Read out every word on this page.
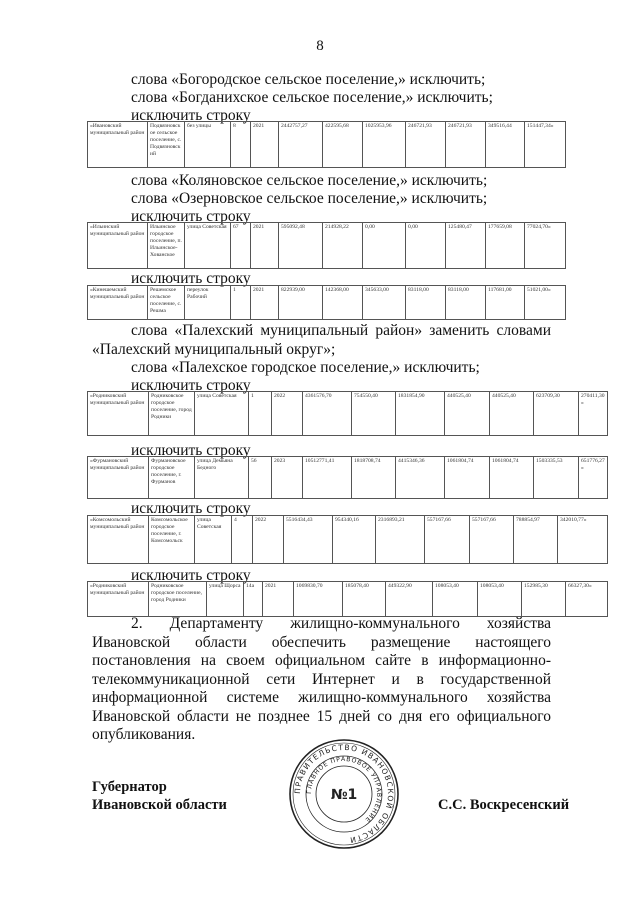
8
слова «Богородское сельское поселение,» исключить;
слова «Богданихское сельское поселение,» исключить;
исключить строку
«Ивановский муниципальный район	Подвязновское сельское поселение, с. Подвязновский	без улицы	8	2021	2442757,27	422595,68	1025953,96	246721,93	246721,93	349516,44	151447,34»
слова «Коляновское сельское поселение,» исключить;
слова «Озерновское сельское поселение,» исключить;
исключить строку
«Ильинский муниципальный район	Ильинское городское поселение, п. Ильинское-Хованское	улица Советская	67	2021	595092,48	214928,22	0,00	0,00	125480,47	177659,08	77024,70»
исключить строку
«Кинешемский муниципальный район	Решемское сельское поселение, с. Решма	переулок Рабочий	1	2021	822939,00	142368,00	345633,00	83118,00	83118,00	117681,00	51021,00»
слова «Палехский муниципальный район» заменить словами «Палехский муниципальный округ»;
слова «Палехское городское поселение,» исключить;
исключить строку
«Родниковский муниципальный район	Родниковское городское поселение, город Родники	улица Советская	1	2022	4361576,70	754550,40	1831854,90	440525,40	440525,40	623709,30	270411,30»
исключить строку
«Фурмановский муниципальный район	Фурмановское городское поселение, г. Фурманов	улица Демьяна Бедного	56	2023	10512771,41	1818708,74	4415346,36	1061804,74	1061804,74	1503335,53	651776,27»
исключить строку
«Комсомольский муниципальный район	Комсомольское городское поселение, г. Комсомольск	улица Советская	4	2022	5516434,43	954340,16	2316893,21	557167,66	557167,66	788854,97	342010,77»
исключить строку
«Родниковский муниципальный район	Родниковское городское поселение, город Родники	улица Щорса	14а	2021	1069830,70	185078,40	449322,90	108053,40	108053,40	152985,30	66327,30»
2. Департаменту жилищно-коммунального хозяйства Ивановской области обеспечить размещение настоящего постановления на своем официальном сайте в информационно-телекоммуникационной сети Интернет и в государственной информационной системе жилищно-коммунального хозяйства Ивановской области не позднее 15 дней со дня его официального опубликования.
Губернатор
Ивановской области
ПРАВИТЕЛЬСТВО ИВАНОВСКОЙ ОБЛАСТИ
ГЛАВНОЕ ПРАВОВОЕ УПРАВЛЕНИЕ
№1
С.С. Воскресенский
